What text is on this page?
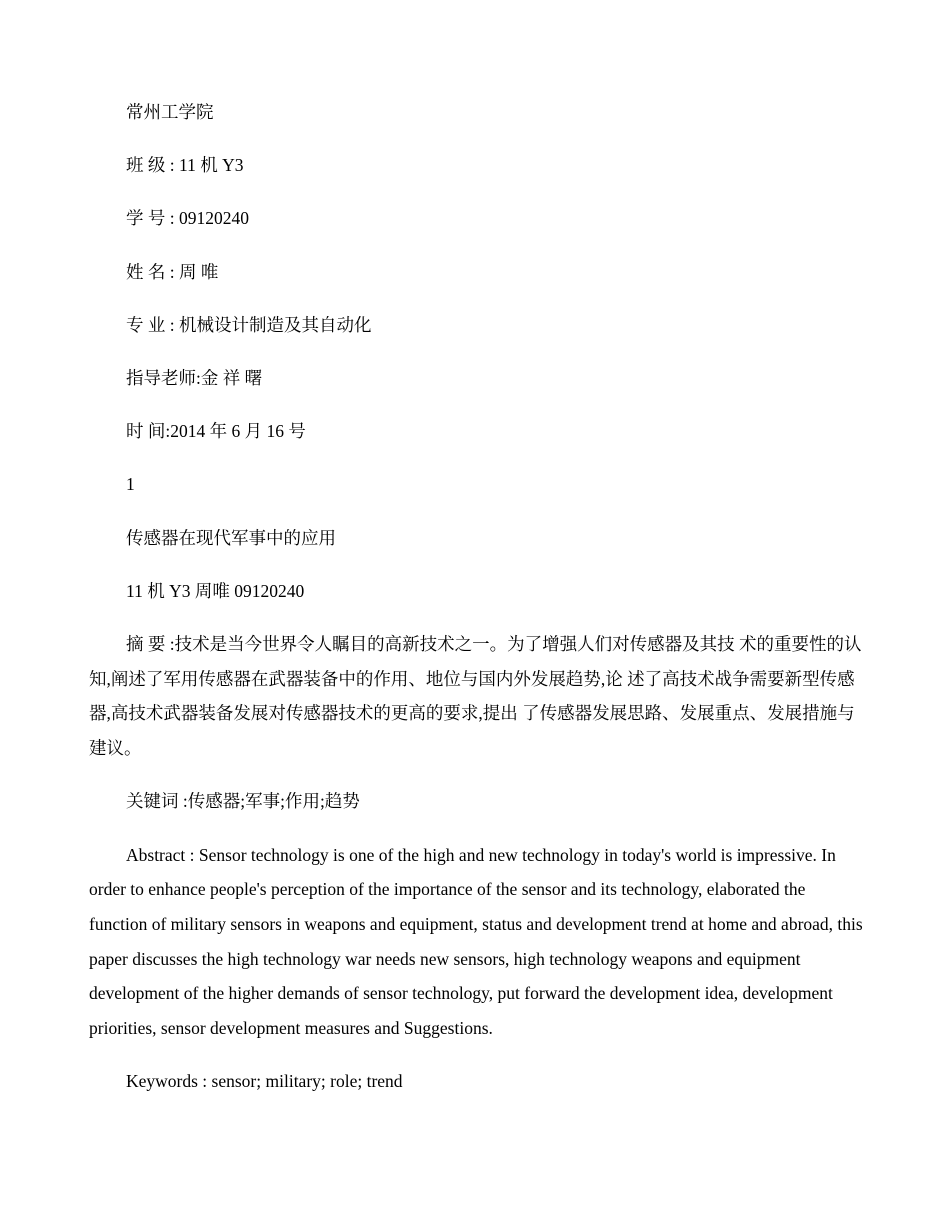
常州工学院

班 级 : 11 机 Y3

学 号 : 09120240

姓 名 : 周 唯

专 业 : 机械设计制造及其自动化

指导老师:金 祥 曙

时 间:2014 年 6 月 16 号

1

传感器在现代军事中的应用

11 机 Y3 周唯 09120240

摘 要 :技术是当今世界令人瞩目的高新技术之一。为了增强人们对传感器及其技 术的重要性的认知,阐述了军用传感器在武器装备中的作用、地位与国内外发展趋势,论 述了高技术战争需要新型传感器,高技术武器装备发展对传感器技术的更高的要求,提出 了传感器发展思路、发展重点、发展措施与建议。

关键词 :传感器;军事;作用;趋势

Abstract : Sensor technology is one of the high and new technology in today's world is impressive. In order to enhance people's perception of the importance of the sensor and its technology, elaborated the function of military sensors in weapons and equipment, status and development trend at home and abroad, this paper discusses the high technology war needs new sensors, high technology weapons and equipment development of the higher demands of sensor technology, put forward the development idea, development priorities, sensor development measures and Suggestions.

Keywords : sensor; military; role; trend
